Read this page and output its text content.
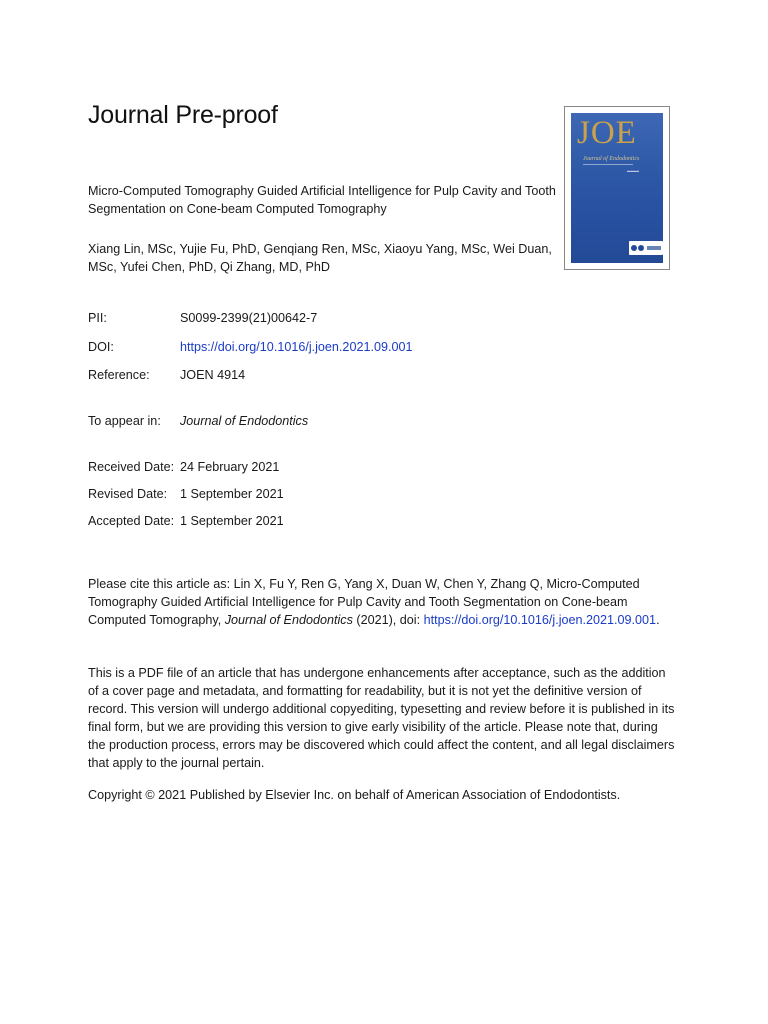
Journal Pre-proof	JOE
Journal of Endodontics
▬▬▬
Micro-Computed Tomography Guided Artificial Intelligence for Pulp Cavity and Tooth Segmentation on Cone-beam Computed Tomography
Xiang Lin, MSc, Yujie Fu, PhD, Genqiang Ren, MSc, Xiaoyu Yang, MSc, Wei Duan, MSc, Yufei Chen, PhD, Qi Zhang, MD, PhD
PII:	S0099-2399(21)00642-7
DOI:	https://doi.org/10.1016/j.joen.2021.09.001
Reference: JOEN 4914
To appear in: Journal of Endodontics
Received Date: 24 February 2021
Revised Date: 1 September 2021
Accepted Date: 1 September 2021
Please cite this article as: Lin X, Fu Y, Ren G, Yang X, Duan W, Chen Y, Zhang Q, Micro-Computed Tomography Guided Artificial Intelligence for Pulp Cavity and Tooth Segmentation on Cone-beam Computed Tomography, Journal of Endodontics (2021), doi: https://doi.org/10.1016/j.joen.2021.09.001.
This is a PDF file of an article that has undergone enhancements after acceptance, such as the addition of a cover page and metadata, and formatting for readability, but it is not yet the definitive version of record. This version will undergo additional copyediting, typesetting and review before it is published in its final form, but we are providing this version to give early visibility of the article. Please note that, during the production process, errors may be discovered which could affect the content, and all legal disclaimers that apply to the journal pertain.
Copyright © 2021 Published by Elsevier Inc. on behalf of American Association of Endodontists.
